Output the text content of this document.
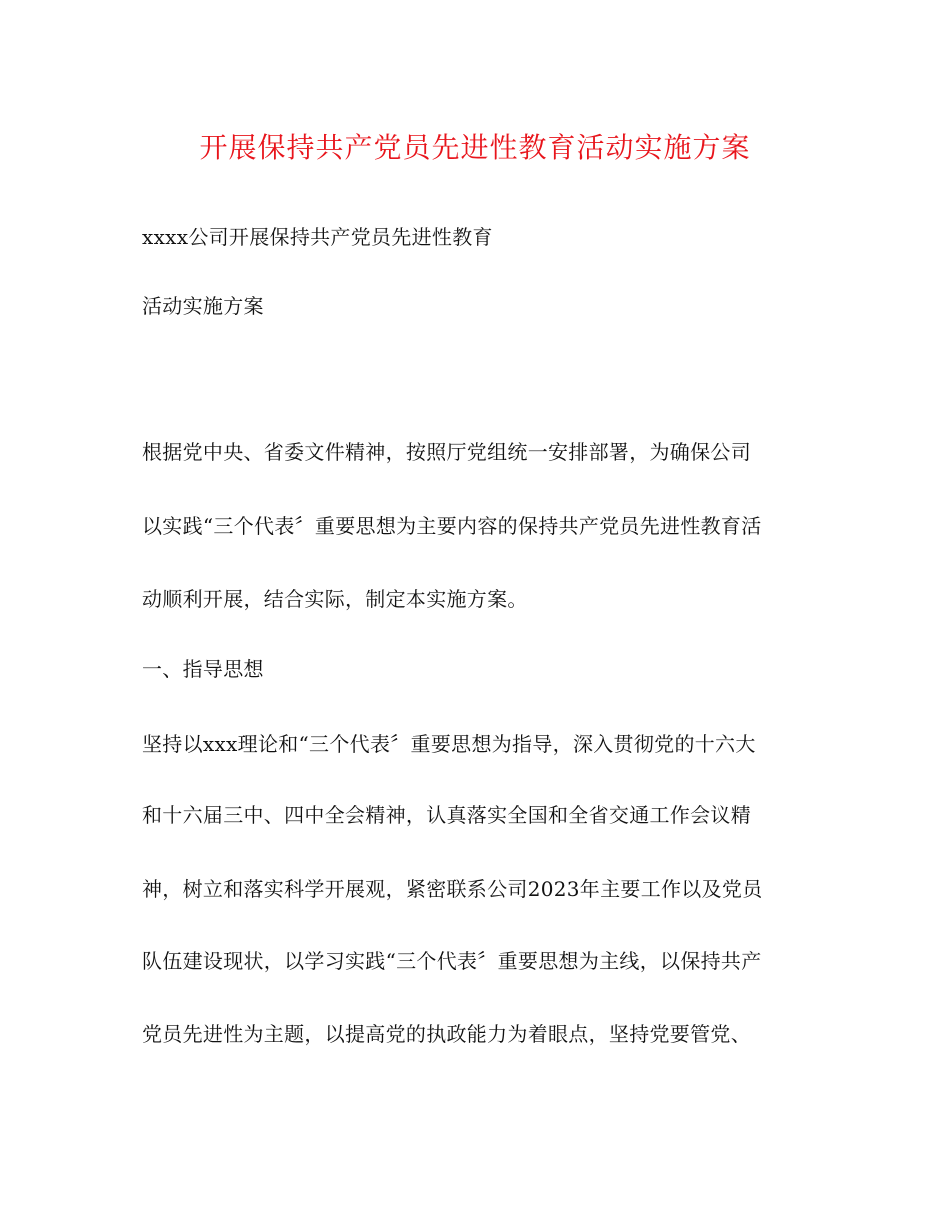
开展保持共产党员先进性教育活动实施方案
xxxx公司开展保持共产党员先进性教育
活动实施方案
根据党中央、省委文件精神，按照厅党组统一安排部署，为确保公司
以实践“三个代表〞重要思想为主要内容的保持共产党员先进性教育活
动顺利开展，结合实际，制定本实施方案。
一、指导思想
坚持以xxx理论和“三个代表〞重要思想为指导，深入贯彻党的十六大
和十六届三中、四中全会精神，认真落实全国和全省交通工作会议精
神，树立和落实科学开展观，紧密联系公司2023年主要工作以及党员
队伍建设现状，以学习实践“三个代表〞重要思想为主线，以保持共产
党员先进性为主题，以提高党的执政能力为着眼点，坚持党要管党、
